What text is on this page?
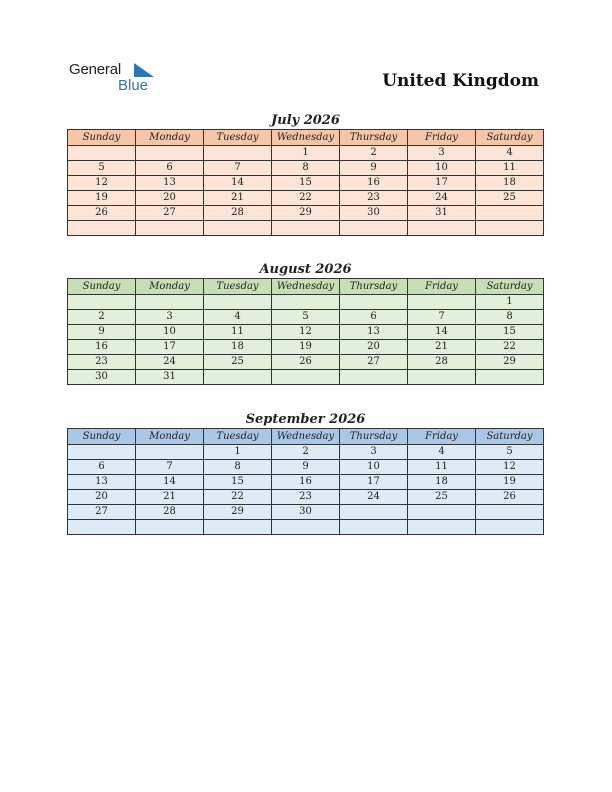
General
Blue	United Kingdom
July 2026
Sunday	Monday	Tuesday	Wednesday	Thursday	Friday	Saturday
			1	2	3	4
5	6	7	8	9	10	11
12	13	14	15	16	17	18
19	20	21	22	23	24	25
26	27	28	29	30	31	

August 2026
Sunday	Monday	Tuesday	Wednesday	Thursday	Friday	Saturday
						1
2	3	4	5	6	7	8
9	10	11	12	13	14	15
16	17	18	19	20	21	22
23	24	25	26	27	28	29
30	31					
September 2026
Sunday	Monday	Tuesday	Wednesday	Thursday	Friday	Saturday
		1	2	3	4	5
6	7	8	9	10	11	12
13	14	15	16	17	18	19
20	21	22	23	24	25	26
27	28	29	30			
